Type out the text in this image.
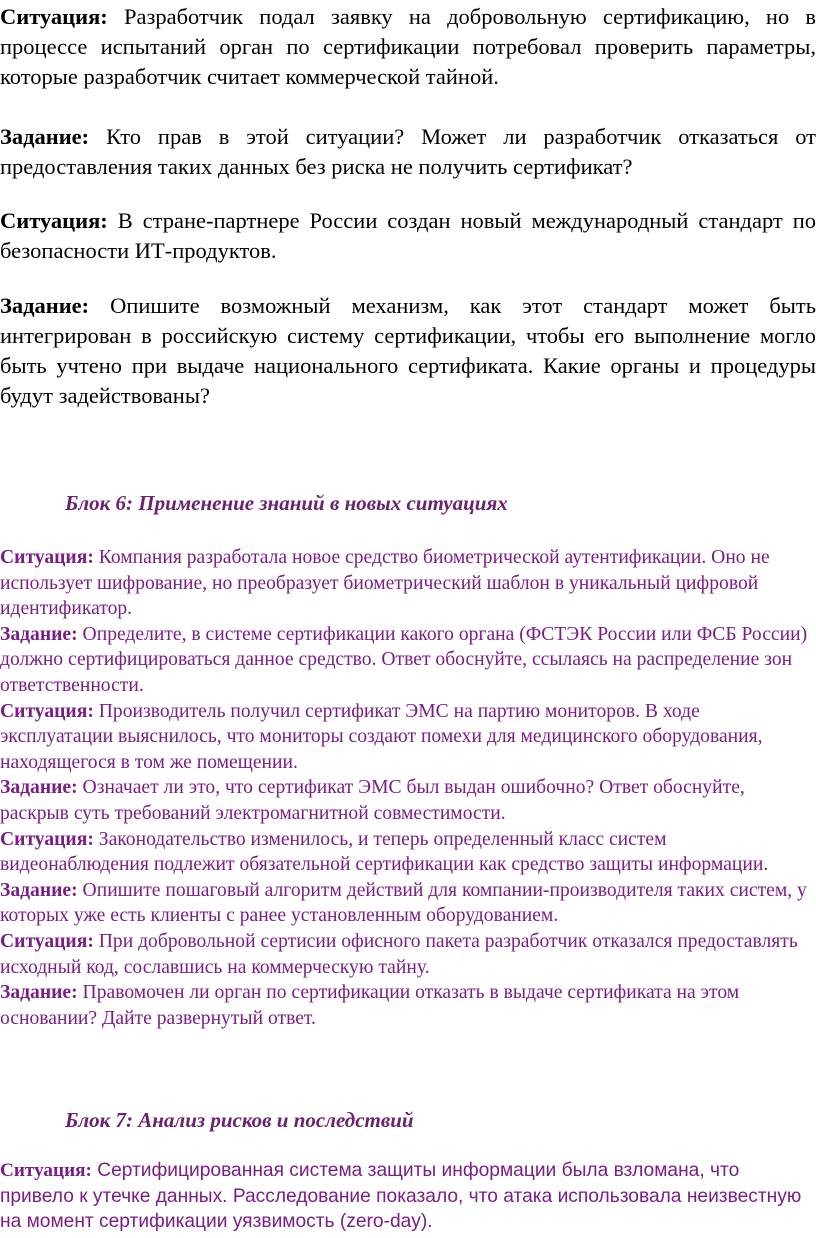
Ситуация: Разработчик подал заявку на добровольную сертификацию, но в процессе испытаний орган по сертификации потребовал проверить параметры, которые разработчик считает коммерческой тайной.

Задание: Кто прав в этой ситуации? Может ли разработчик отказаться от предоставления таких данных без риска не получить сертификат?

Ситуация: В стране-партнере России создан новый международный стандарт по безопасности ИТ-продуктов.

Задание: Опишите возможный механизм, как этот стандарт может быть интегрирован в российскую систему сертификации, чтобы его выполнение могло быть учтено при выдаче национального сертификата. Какие органы и процедуры будут задействованы?

Блок 6: Применение знаний в новых ситуациях

Ситуация: Компания разработала новое средство биометрической аутентификации. Оно не использует шифрование, но преобразует биометрический шаблон в уникальный цифровой идентификатор.

Задание: Определите, в системе сертификации какого органа (ФСТЭК России или ФСБ России) должно сертифицироваться данное средство. Ответ обоснуйте, ссылаясь на распределение зон ответственности.

Ситуация: Производитель получил сертификат ЭМС на партию мониторов. В ходе эксплуатации выяснилось, что мониторы создают помехи для медицинского оборудования, находящегося в том же помещении.

Задание: Означает ли это, что сертификат ЭМС был выдан ошибочно? Ответ обоснуйте, раскрыв суть требований электромагнитной совместимости.

Ситуация: Законодательство изменилось, и теперь определенный класс систем видеонаблюдения подлежит обязательной сертификации как средство защиты информации.

Задание: Опишите пошаговый алгоритм действий для компании-производителя таких систем, у которых уже есть клиенты с ранее установленным оборудованием.

Ситуация: При добровольной сертисии офисного пакета разработчик отказался предоставлять исходный код, сославшись на коммерческую тайну.

Задание: Правомочен ли орган по сертификации отказать в выдаче сертификата на этом основании? Дайте развернутый ответ.

Блок 7: Анализ рисков и последствий

Ситуация: Сертифицированная система защиты информации была взломана, что привело к утечке данных. Расследование показало, что атака использовала неизвестную на момент сертификации уязвимость (zero-day).
